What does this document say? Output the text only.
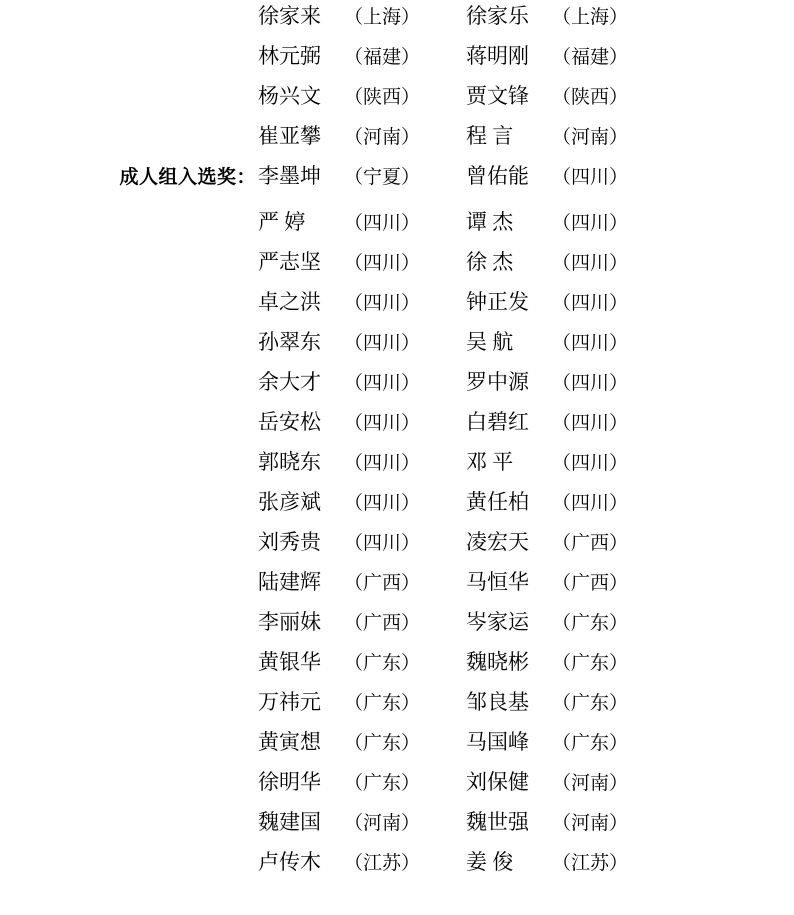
徐家来	（上海）	徐家乐	（上海）
林元弼	（福建）	蒋明刚	（福建）
杨兴文	（陕西）	贾文锋	（陕西）
崔亚攀	（河南）	程 言	（河南）
成人组入选奖： 李墨坤	（宁夏）	曾佑能	（四川）
严 婷	（四川）	谭 杰	（四川）
严志坚	（四川）	徐 杰	（四川）
卓之洪	（四川）	钟正发	（四川）
孙翠东	（四川）	吴 航	（四川）
余大才	（四川）	罗中源	（四川）
岳安松	（四川）	白碧红	（四川）
郭晓东	（四川）	邓 平	（四川）
张彦斌	（四川）	黄任柏	（四川）
刘秀贵	（四川）	凌宏天	（广西）
陆建辉	（广西）	马恒华	（广西）
李丽妹	（广西）	岑家运	（广东）
黄银华	（广东）	魏晓彬	（广东）
万祎元	（广东）	邹良基	（广东）
黄寅想	（广东）	马国峰	（广东）
徐明华	（广东）	刘保健	（河南）
魏建国	（河南）	魏世强	（河南）
卢传木	（江苏）	姜 俊	（江苏）
